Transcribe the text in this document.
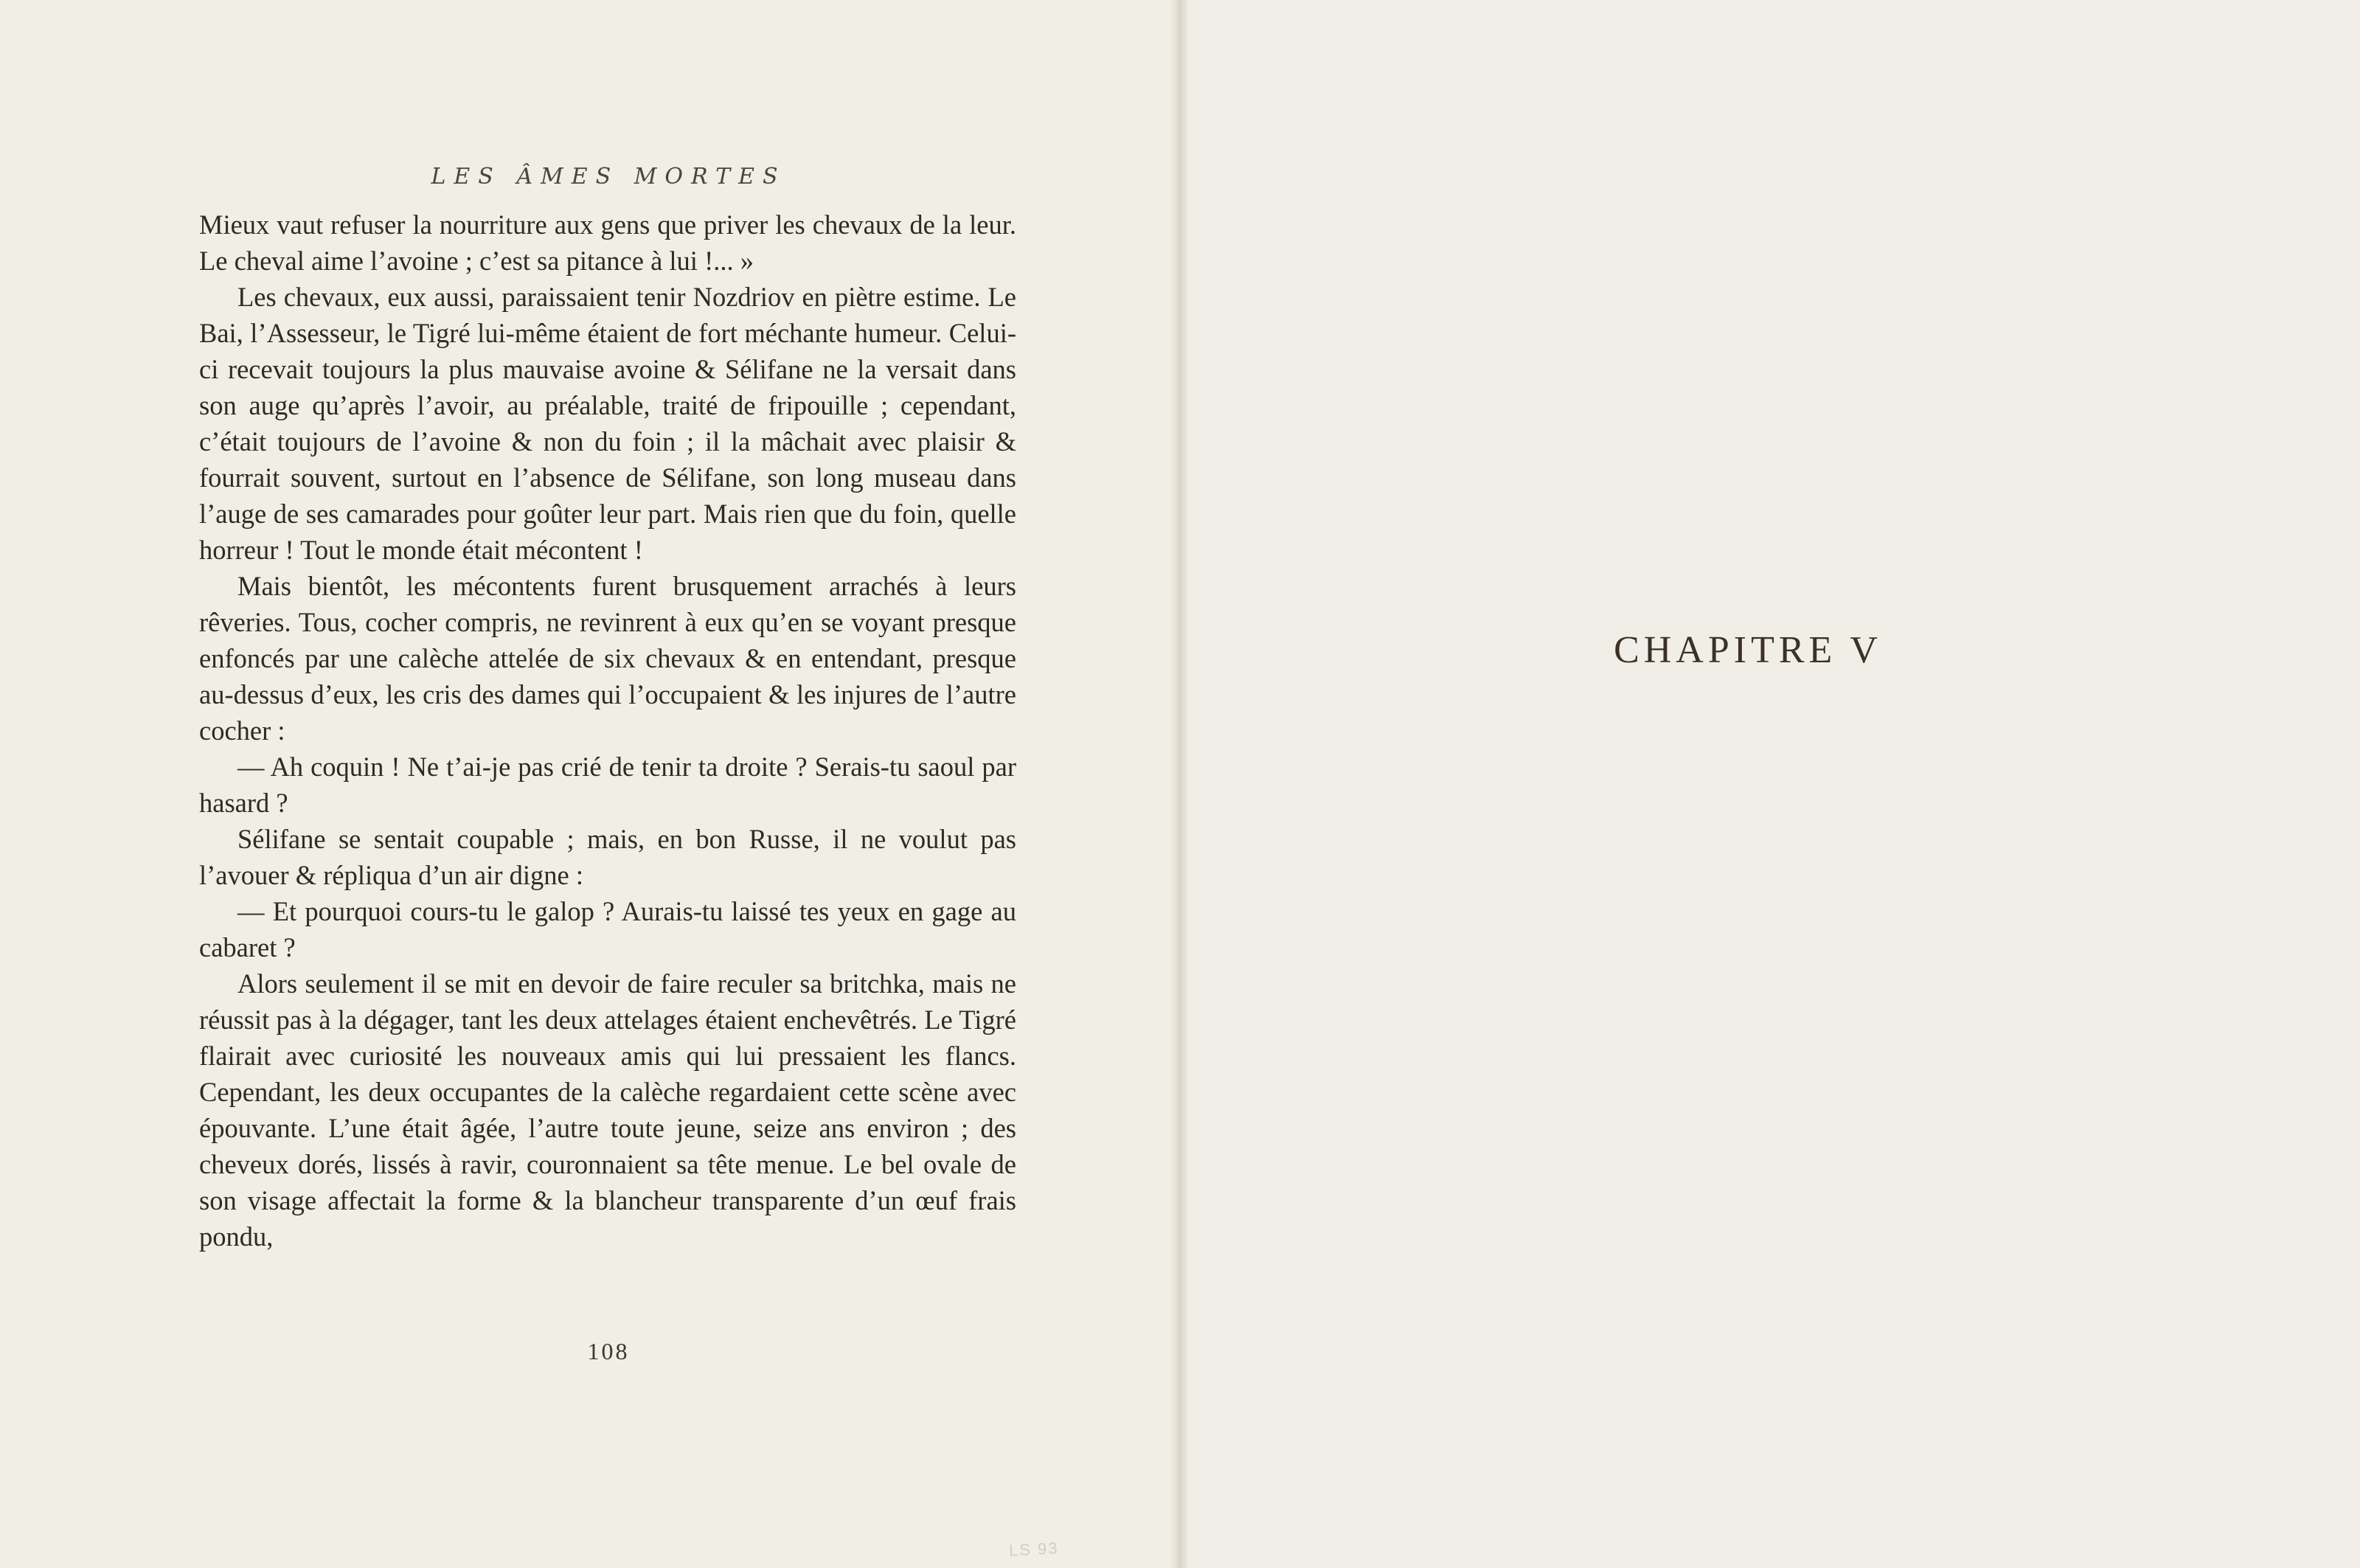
LES ÂMES MORTES

Mieux vaut refuser la nourriture aux gens que priver les chevaux de la leur. Le cheval aime l’avoine ; c’est sa pitance à lui !... »

Les chevaux, eux aussi, paraissaient tenir Nozdriov en piètre estime. Le Bai, l’Assesseur, le Tigré lui-même étaient de fort méchante humeur. Celui-ci recevait toujours la plus mauvaise avoine & Sélifane ne la versait dans son auge qu’après l’avoir, au préalable, traité de fripouille ; cependant, c’était toujours de l’avoine & non du foin ; il la mâchait avec plaisir & fourrait souvent, surtout en l’absence de Sélifane, son long museau dans l’auge de ses camarades pour goûter leur part. Mais rien que du foin, quelle horreur ! Tout le monde était mécontent !

Mais bientôt, les mécontents furent brusquement arrachés à leurs rêveries. Tous, cocher compris, ne revinrent à eux qu’en se voyant presque enfoncés par une calèche attelée de six chevaux & en entendant, presque au-dessus d’eux, les cris des dames qui l’occupaient & les injures de l’autre cocher :

— Ah coquin ! Ne t’ai-je pas crié de tenir ta droite ? Serais-tu saoul par hasard ?

Sélifane se sentait coupable ; mais, en bon Russe, il ne voulut pas l’avouer & répliqua d’un air digne :

— Et pourquoi cours-tu le galop ? Aurais-tu laissé tes yeux en gage au cabaret ?

Alors seulement il se mit en devoir de faire reculer sa britchka, mais ne réussit pas à la dégager, tant les deux attelages étaient enchevêtrés. Le Tigré flairait avec curiosité les nouveaux amis qui lui pressaient les flancs. Cependant, les deux occupantes de la calèche regardaient cette scène avec épouvante. L’une était âgée, l’autre toute jeune, seize ans environ ; des cheveux dorés, lissés à ravir, couronnaient sa tête menue. Le bel ovale de son visage affectait la forme & la blancheur transparente d’un œuf frais pondu,

108
LS 93
CHAPITRE V
